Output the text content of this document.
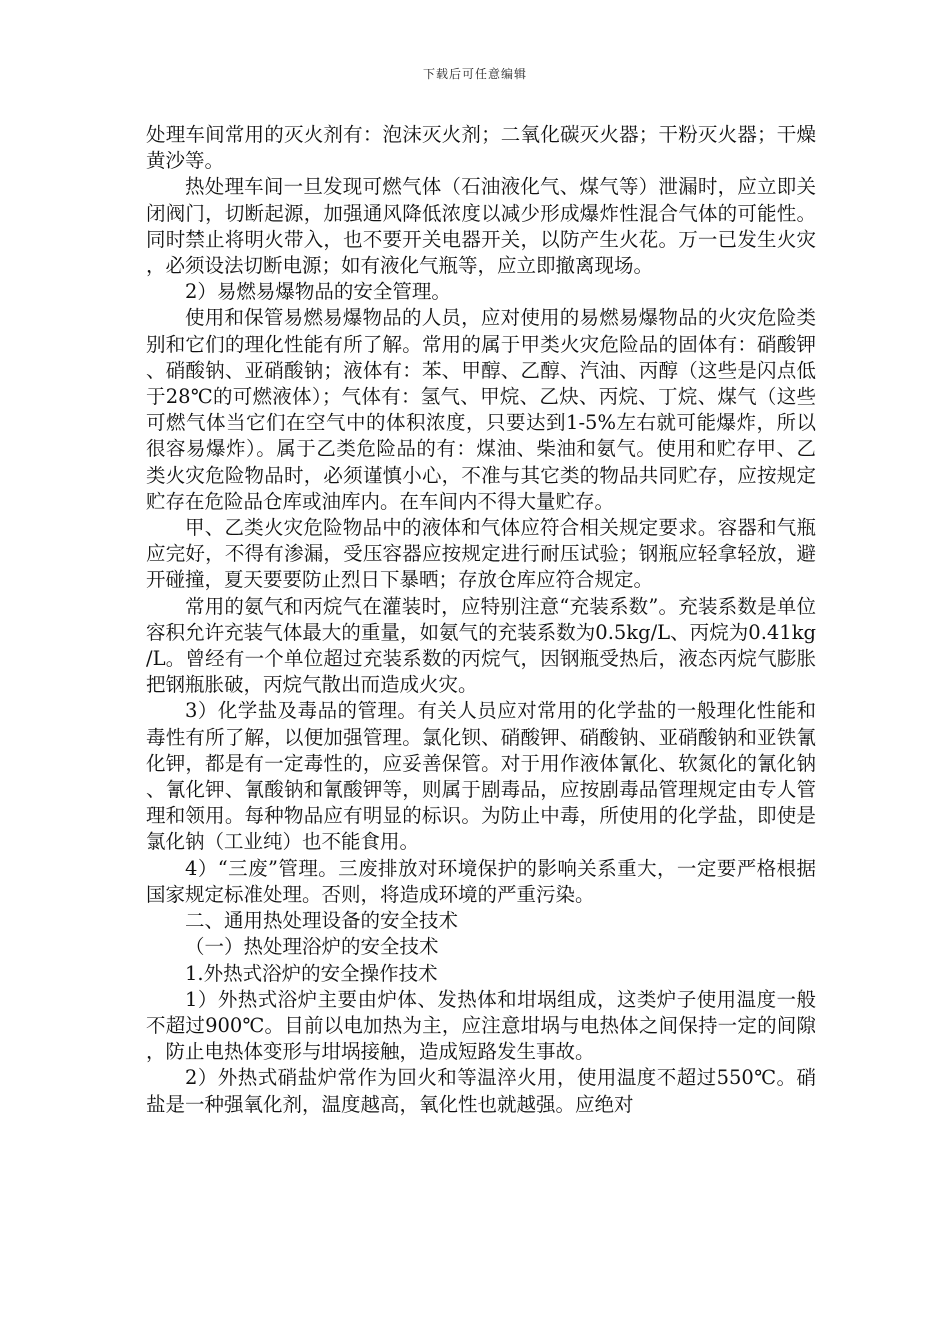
下载后可任意编辑

处理车间常用的灭火剂有：泡沫灭火剂；二氧化碳灭火器；干粉灭火器；干燥黄沙等。

热处理车间一旦发现可燃气体（石油液化气、煤气等）泄漏时，应立即关闭阀门，切断起源，加强通风降低浓度以减少形成爆炸性混合气体的可能性。同时禁止将明火带入，也不要开关电器开关，以防产生火花。万一已发生火灾，必须设法切断电源；如有液化气瓶等，应立即撤离现场。

2）易燃易爆物品的安全管理。

使用和保管易燃易爆物品的人员，应对使用的易燃易爆物品的火灾危险类别和它们的理化性能有所了解。常用的属于甲类火灾危险品的固体有：硝酸钾、硝酸钠、亚硝酸钠；液体有：苯、甲醇、乙醇、汽油、丙醇（这些是闪点低于28℃的可燃液体）；气体有：氢气、甲烷、乙炔、丙烷、丁烷、煤气（这些可燃气体当它们在空气中的体积浓度，只要达到1-5%左右就可能爆炸，所以很容易爆炸）。属于乙类危险品的有：煤油、柴油和氨气。使用和贮存甲、乙类火灾危险物品时，必须谨慎小心，不准与其它类的物品共同贮存，应按规定贮存在危险品仓库或油库内。在车间内不得大量贮存。

甲、乙类火灾危险物品中的液体和气体应符合相关规定要求。容器和气瓶应完好，不得有渗漏，受压容器应按规定进行耐压试验；钢瓶应轻拿轻放，避开碰撞，夏天要要防止烈日下暴晒；存放仓库应符合规定。

常用的氨气和丙烷气在灌装时，应特别注意“充装系数”。充装系数是单位容积允许充装气体最大的重量，如氨气的充装系数为0.5kg/L、丙烷为0.41kg/L。曾经有一个单位超过充装系数的丙烷气，因钢瓶受热后，液态丙烷气膨胀把钢瓶胀破，丙烷气散出而造成火灾。

3）化学盐及毒品的管理。有关人员应对常用的化学盐的一般理化性能和毒性有所了解，以便加强管理。氯化钡、硝酸钾、硝酸钠、亚硝酸钠和亚铁氰化钾，都是有一定毒性的，应妥善保管。对于用作液体氰化、软氮化的氰化钠、氰化钾、氰酸钠和氰酸钾等，则属于剧毒品，应按剧毒品管理规定由专人管理和领用。每种物品应有明显的标识。为防止中毒，所使用的化学盐，即使是氯化钠（工业纯）也不能食用。

4）“三废”管理。三废排放对环境保护的影响关系重大，一定要严格根据国家规定标准处理。否则，将造成环境的严重污染。

二、通用热处理设备的安全技术

（一）热处理浴炉的安全技术

1.外热式浴炉的安全操作技术

1）外热式浴炉主要由炉体、发热体和坩埚组成，这类炉子使用温度一般不超过900℃。目前以电加热为主，应注意坩埚与电热体之间保持一定的间隙，防止电热体变形与坩埚接触，造成短路发生事故。

2）外热式硝盐炉常作为回火和等温淬火用，使用温度不超过550℃。硝盐是一种强氧化剂，温度越高，氧化性也就越强。应绝对
